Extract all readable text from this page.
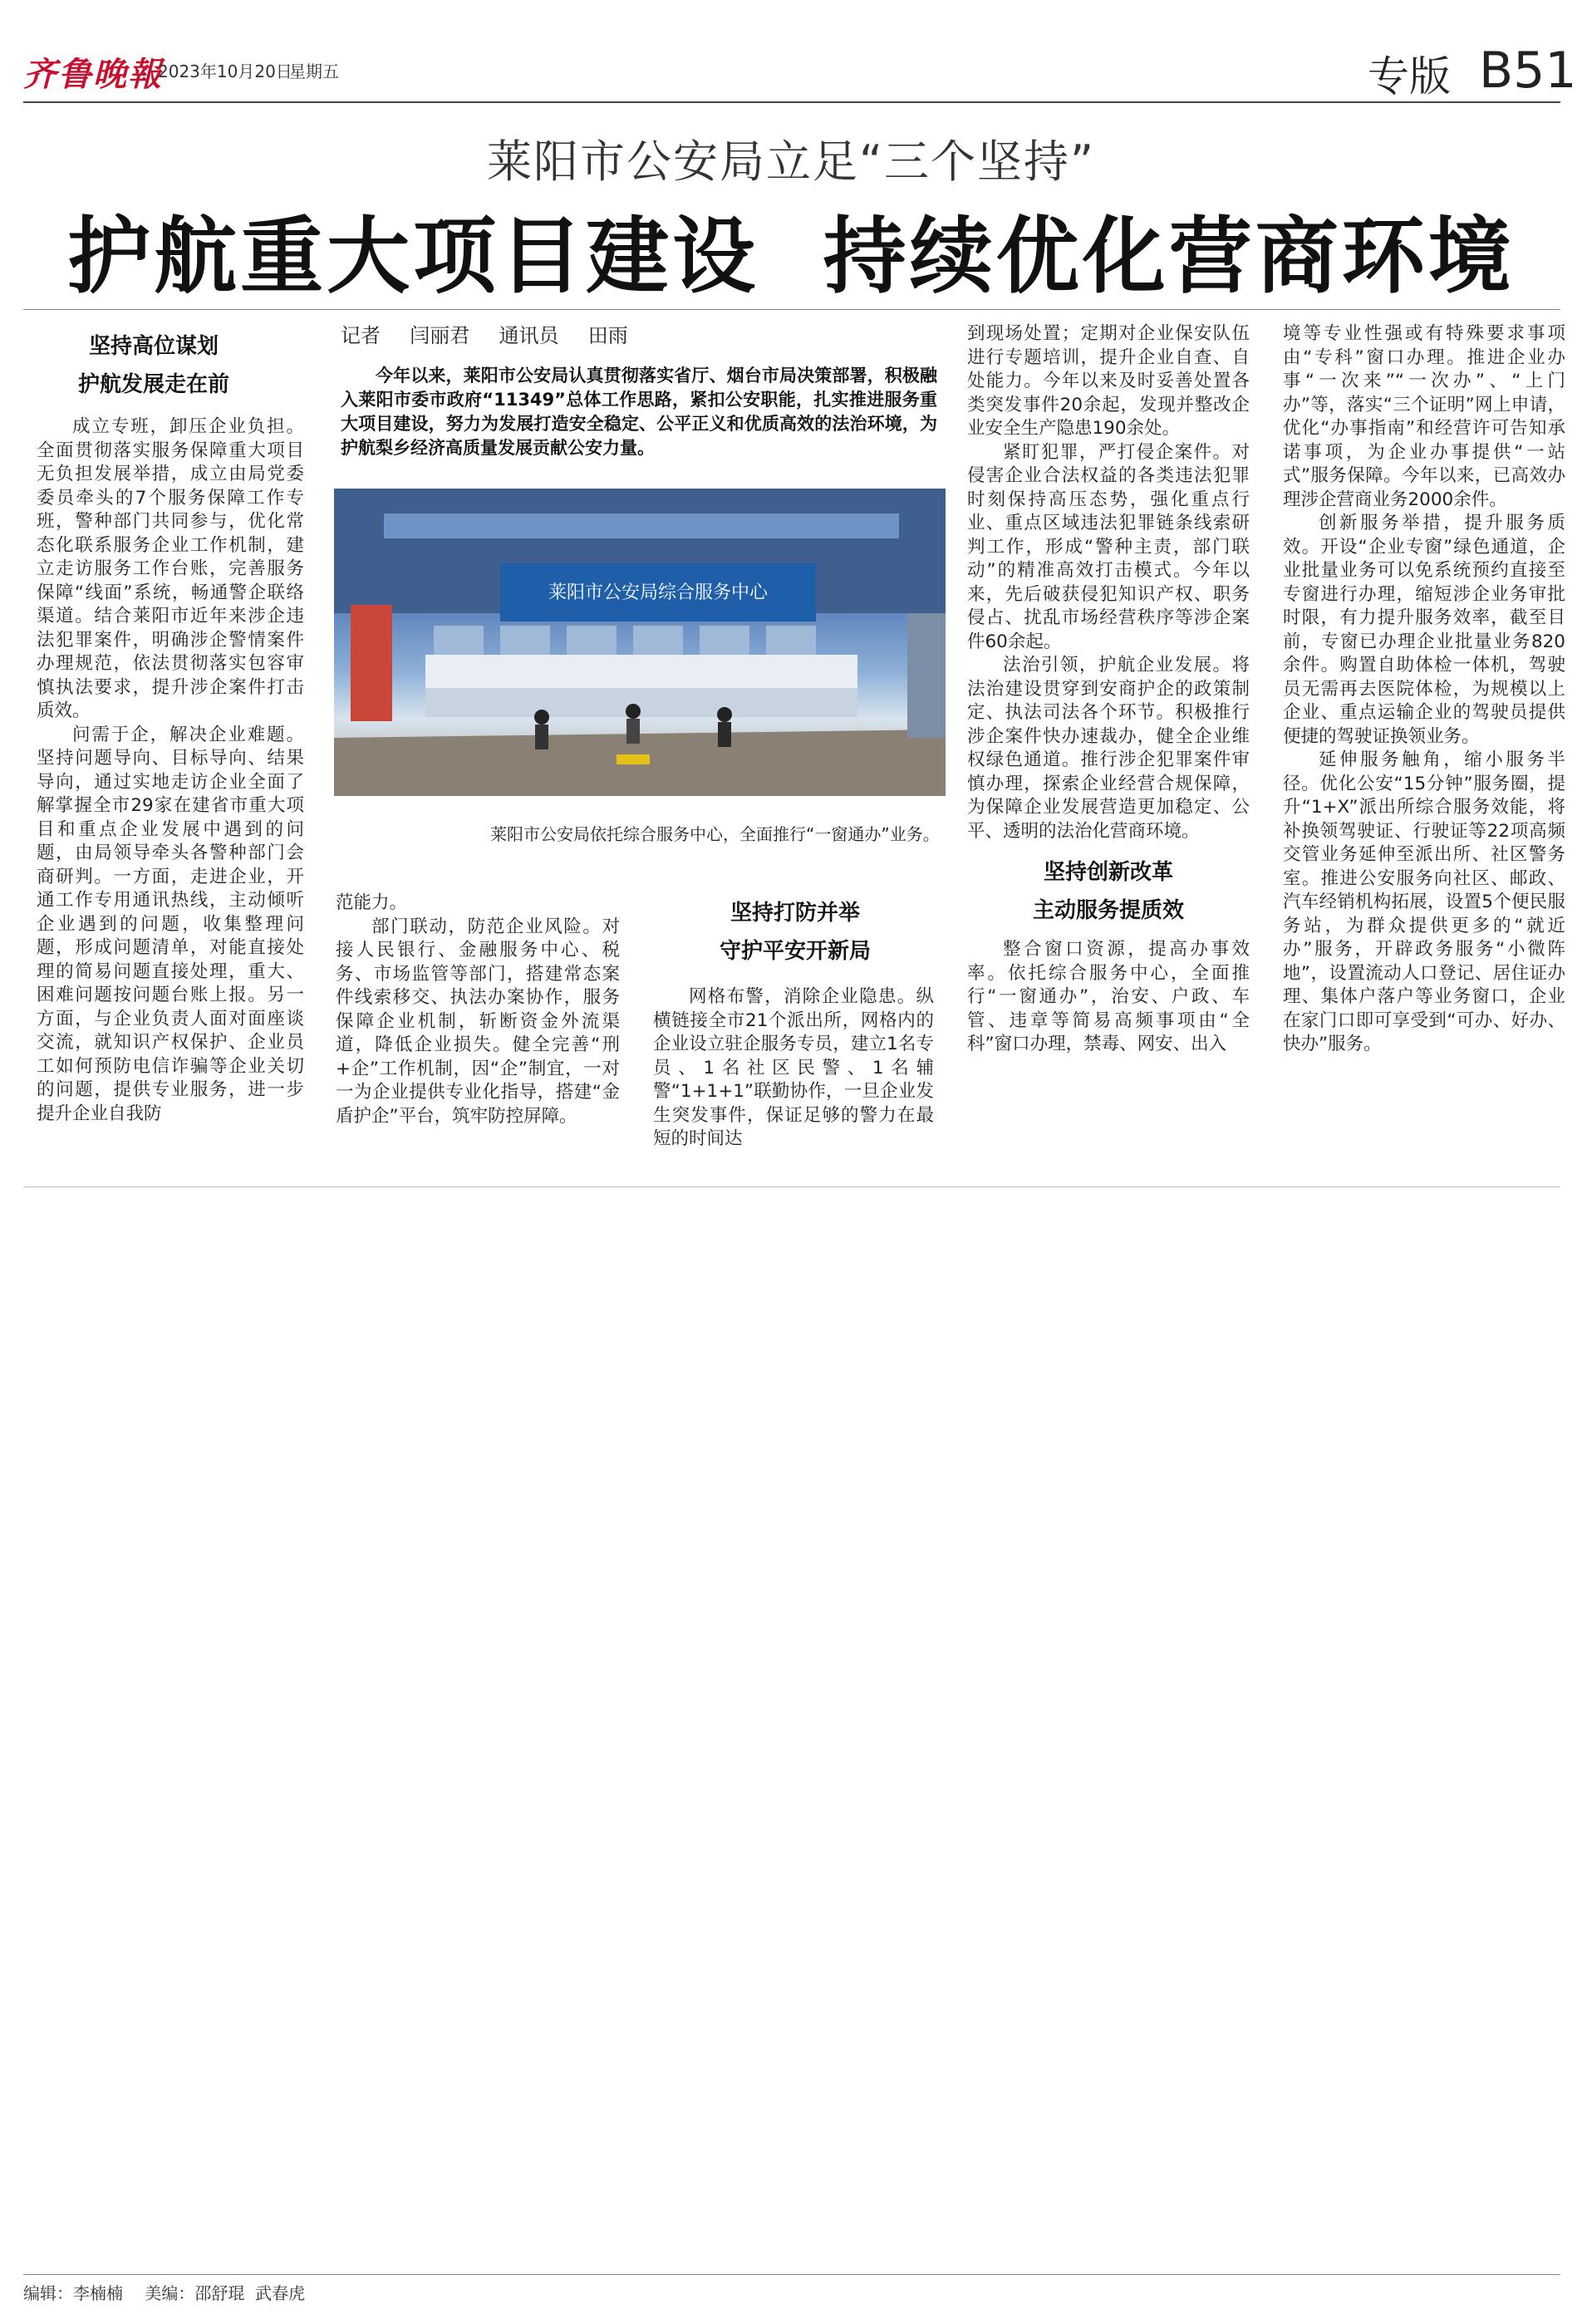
齐鲁晚報
2023年10月20日
星期五	专版 B51
莱阳市公安局立足“三个坚持”
护航重大项目建设  持续优化营商环境
坚持高位谋划
护航发展走在前

成立专班，卸压企业负担。全面贯彻落实服务保障重大项目无负担发展举措，成立由局党委委员牵头的7个服务保障工作专班，警种部门共同参与，优化常态化联系服务企业工作机制，建立走访服务工作台账，完善服务保障“线面”系统，畅通警企联络渠道。结合莱阳市近年来涉企违法犯罪案件，明确涉企警情案件办理规范，依法贯彻落实包容审慎执法要求，提升涉企案件打击质效。

问需于企，解决企业难题。坚持问题导向、目标导向、结果导向，通过实地走访企业全面了解掌握全市29家在建省市重大项目和重点企业发展中遇到的问题，由局领导牵头各警种部门会商研判。一方面，走进企业，开通工作专用通讯热线，主动倾听企业遇到的问题，收集整理问题，形成问题清单，对能直接处理的简易问题直接处理，重大、困难问题按问题台账上报。另一方面，与企业负责人面对面座谈交流，就知识产权保护、企业员工如何预防电信诈骗等企业关切的问题，提供专业服务，进一步提升企业自我防

记者  闫丽君  通讯员  田雨
今年以来，莱阳市公安局认真贯彻落实省厅、烟台市局决策部署，积极融入莱阳市委市政府“11349”总体工作思路，紧扣公安职能，扎实推进服务重大项目建设，努力为发展打造安全稳定、公平正义和优质高效的法治环境，为护航梨乡经济高质量发展贡献公安力量。
莱阳市公安局综合服务中心
莱阳市公安局依托综合服务中心，全面推行“一窗通办”业务。

范能力。

部门联动，防范企业风险。对接人民银行、金融服务中心、税务、市场监管等部门，搭建常态案件线索移交、执法办案协作，服务保障企业机制，斩断资金外流渠道，降低企业损失。健全完善“刑+企”工作机制，因“企”制宜，一对一为企业提供专业化指导，搭建“金盾护企”平台，筑牢防控屏障。

坚持打防并举
守护平安开新局

网格布警，消除企业隐患。纵横链接全市21个派出所，网格内的企业设立驻企服务专员，建立1名专员、1名社区民警、1名辅警“1+1+1”联勤协作，一旦企业发生突发事件，保证足够的警力在最短的时间达

到现场处置；定期对企业保安队伍进行专题培训，提升企业自查、自处能力。今年以来及时妥善处置各类突发事件20余起，发现并整改企业安全生产隐患190余处。

紧盯犯罪，严打侵企案件。对侵害企业合法权益的各类违法犯罪时刻保持高压态势，强化重点行业、重点区域违法犯罪链条线索研判工作，形成“警种主责，部门联动”的精准高效打击模式。今年以来，先后破获侵犯知识产权、职务侵占、扰乱市场经营秩序等涉企案件60余起。

法治引领，护航企业发展。将法治建设贯穿到安商护企的政策制定、执法司法各个环节。积极推行涉企案件快办速裁办，健全企业维权绿色通道。推行涉企犯罪案件审慎办理，探索企业经营合规保障，为保障企业发展营造更加稳定、公平、透明的法治化营商环境。

坚持创新改革
主动服务提质效

整合窗口资源，提高办事效率。依托综合服务中心，全面推行“一窗通办”，治安、户政、车管、违章等简易高频事项由“全科”窗口办理，禁毒、网安、出入

境等专业性强或有特殊要求事项由“专科”窗口办理。推进企业办事“一次来”“一次办”、“上门办”等，落实“三个证明”网上申请，优化“办事指南”和经营许可告知承诺事项，为企业办事提供“一站式”服务保障。今年以来，已高效办理涉企营商业务2000余件。

创新服务举措，提升服务质效。开设“企业专窗”绿色通道，企业批量业务可以免系统预约直接至专窗进行办理，缩短涉企业务审批时限，有力提升服务效率，截至目前，专窗已办理企业批量业务820余件。购置自助体检一体机，驾驶员无需再去医院体检，为规模以上企业、重点运输企业的驾驶员提供便捷的驾驶证换领业务。

延伸服务触角，缩小服务半径。优化公安“15分钟”服务圈，提升“1+X”派出所综合服务效能，将补换领驾驶证、行驶证等22项高频交管业务延伸至派出所、社区警务室。推进公安服务向社区、邮政、汽车经销机构拓展，设置5个便民服务站，为群众提供更多的“就近办”服务，开辟政务服务“小微阵地”，设置流动人口登记、居住证办理、集体户落户等业务窗口，企业在家门口即可享受到“可办、好办、快办”服务。

编辑：李楠楠 美编：邵舒琨  武春虎
